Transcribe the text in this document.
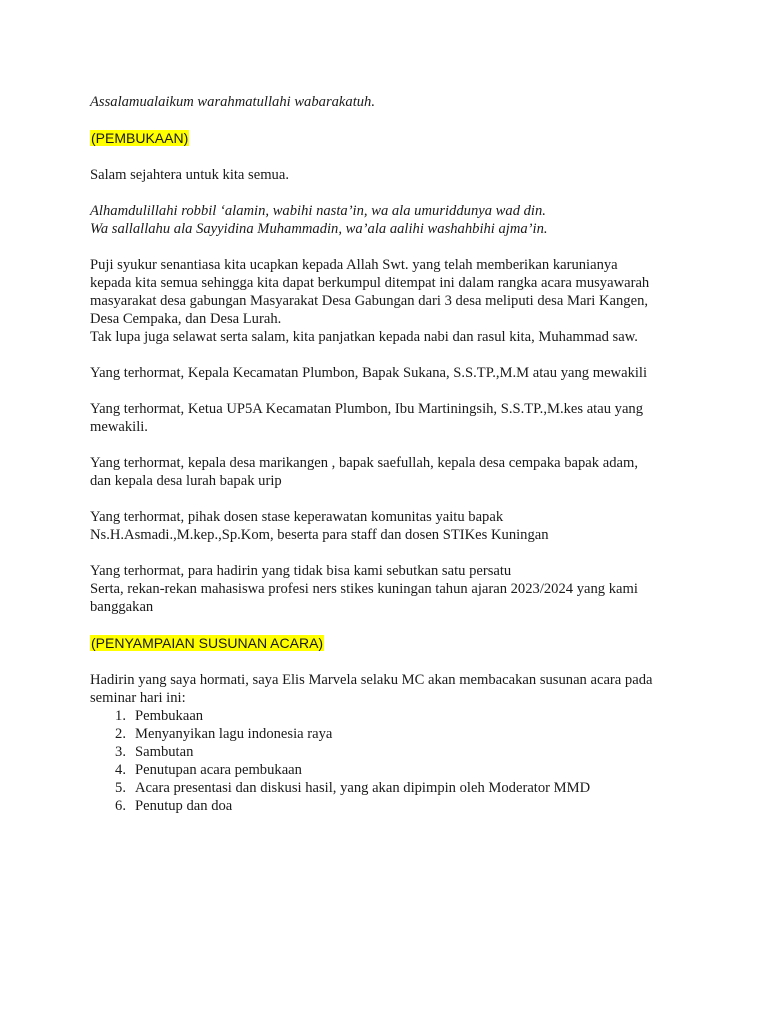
Assalamualaikum warahmatullahi wabarakatuh.

(PEMBUKAAN)

Salam sejahtera untuk kita semua.

Alhamdulillahi robbil ‘alamin, wabihi nasta’in, wa ala umuriddunya wad din.

Wa sallallahu ala Sayyidina Muhammadin, wa’ala aalihi washahbihi ajma’in.

Puji syukur senantiasa kita ucapkan kepada Allah Swt. yang telah memberikan karunianya

kepada kita semua sehingga kita dapat berkumpul ditempat ini dalam rangka acara musyawarah

masyarakat desa gabungan Masyarakat Desa Gabungan dari 3 desa meliputi desa Mari Kangen,

Desa Cempaka, dan Desa Lurah.

Tak lupa juga selawat serta salam, kita panjatkan kepada nabi dan rasul kita, Muhammad saw.

Yang terhormat, Kepala Kecamatan Plumbon, Bapak Sukana, S.S.TP.,M.M atau yang mewakili

Yang terhormat, Ketua UP5A Kecamatan Plumbon, Ibu Martiningsih, S.S.TP.,M.kes atau yang

mewakili.

Yang terhormat, kepala desa marikangen , bapak saefullah, kepala desa cempaka bapak adam,

dan kepala desa lurah bapak urip

Yang terhormat, pihak dosen stase keperawatan komunitas yaitu bapak

Ns.H.Asmadi.,M.kep.,Sp.Kom, beserta para staff dan dosen STIKes Kuningan

Yang terhormat, para hadirin yang tidak bisa kami sebutkan satu persatu

Serta, rekan-rekan mahasiswa profesi ners stikes kuningan tahun ajaran 2023/2024 yang kami

banggakan

(PENYAMPAIAN SUSUNAN ACARA)

Hadirin yang saya hormati, saya Elis Marvela selaku MC akan membacakan susunan acara pada

seminar hari ini:

1. Pembukaan
2. Menyanyikan lagu indonesia raya
3. Sambutan
4. Penutupan acara pembukaan
5. Acara presentasi dan diskusi hasil, yang akan dipimpin oleh Moderator MMD
6. Penutup dan doa
